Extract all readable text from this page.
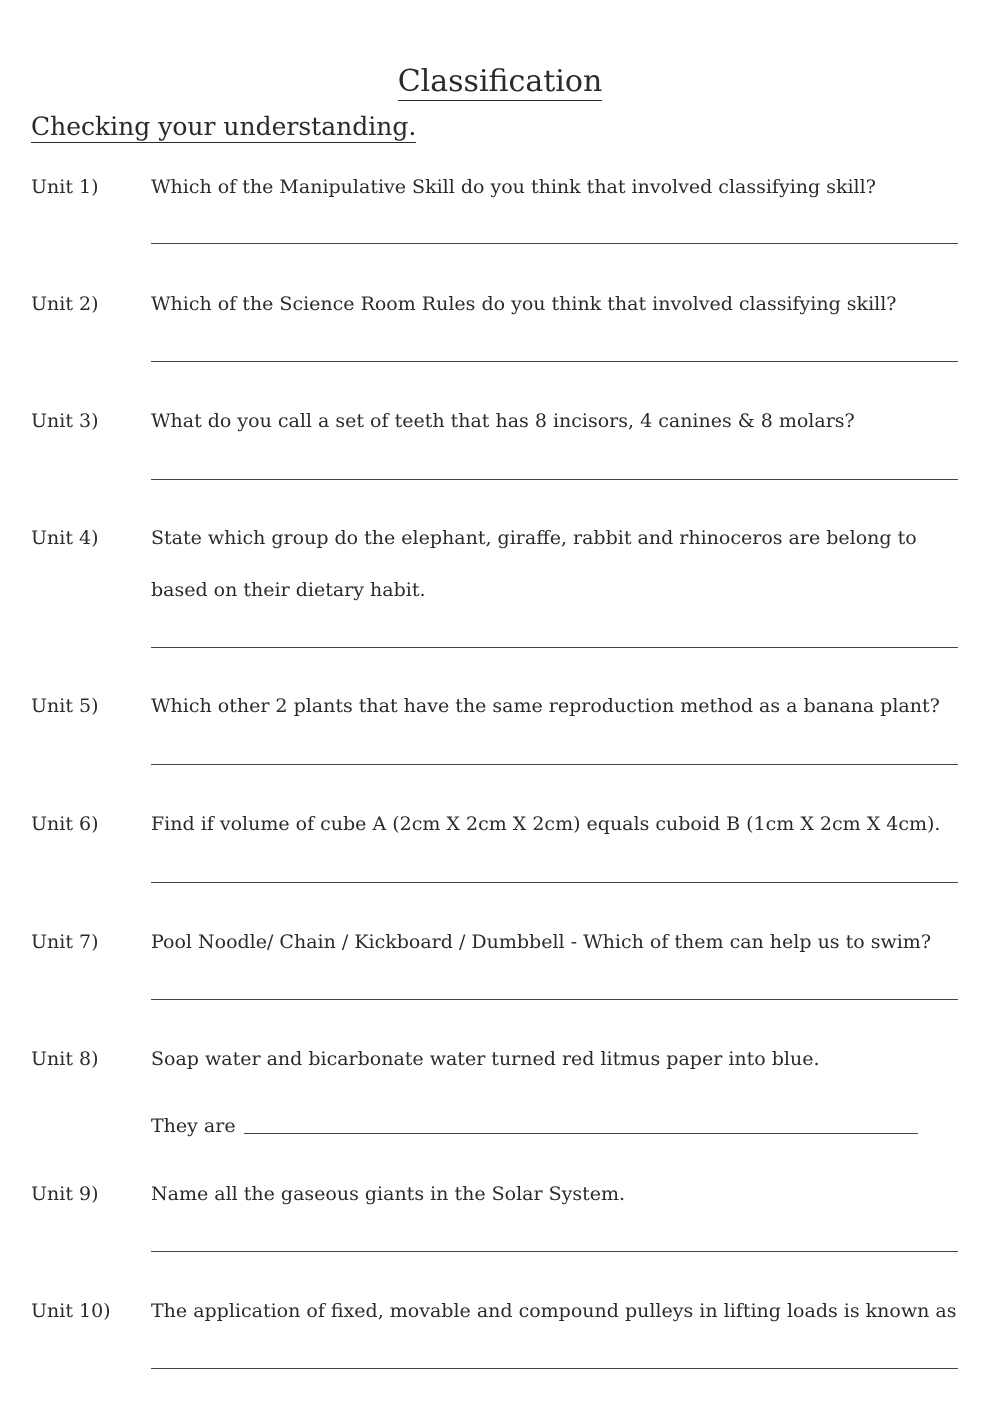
Classification
Checking your understanding.
Unit 1)	Which of the Manipulative Skill do you think that involved classifying skill?
Unit 2)	Which of the Science Room Rules do you think that involved classifying skill?
Unit 3)	What do you call a set of teeth that has 8 incisors, 4 canines & 8 molars?
Unit 4)	State which group do the elephant, giraffe, rabbit and rhinoceros are belong to
based on their dietary habit.
Unit 5)	Which other 2 plants that have the same reproduction method as a banana plant?
Unit 6)	Find if volume of cube A (2cm X 2cm X 2cm) equals cuboid B (1cm X 2cm X 4cm).
Unit 7)	Pool Noodle/ Chain / Kickboard / Dumbbell - Which of them can help us to swim?
Unit 8)	Soap water and bicarbonate water turned red litmus paper into blue.
They are
Unit 9)	Name all the gaseous giants in the Solar System.
Unit 10) The application of fixed, movable and compound pulleys in lifting loads is known as
